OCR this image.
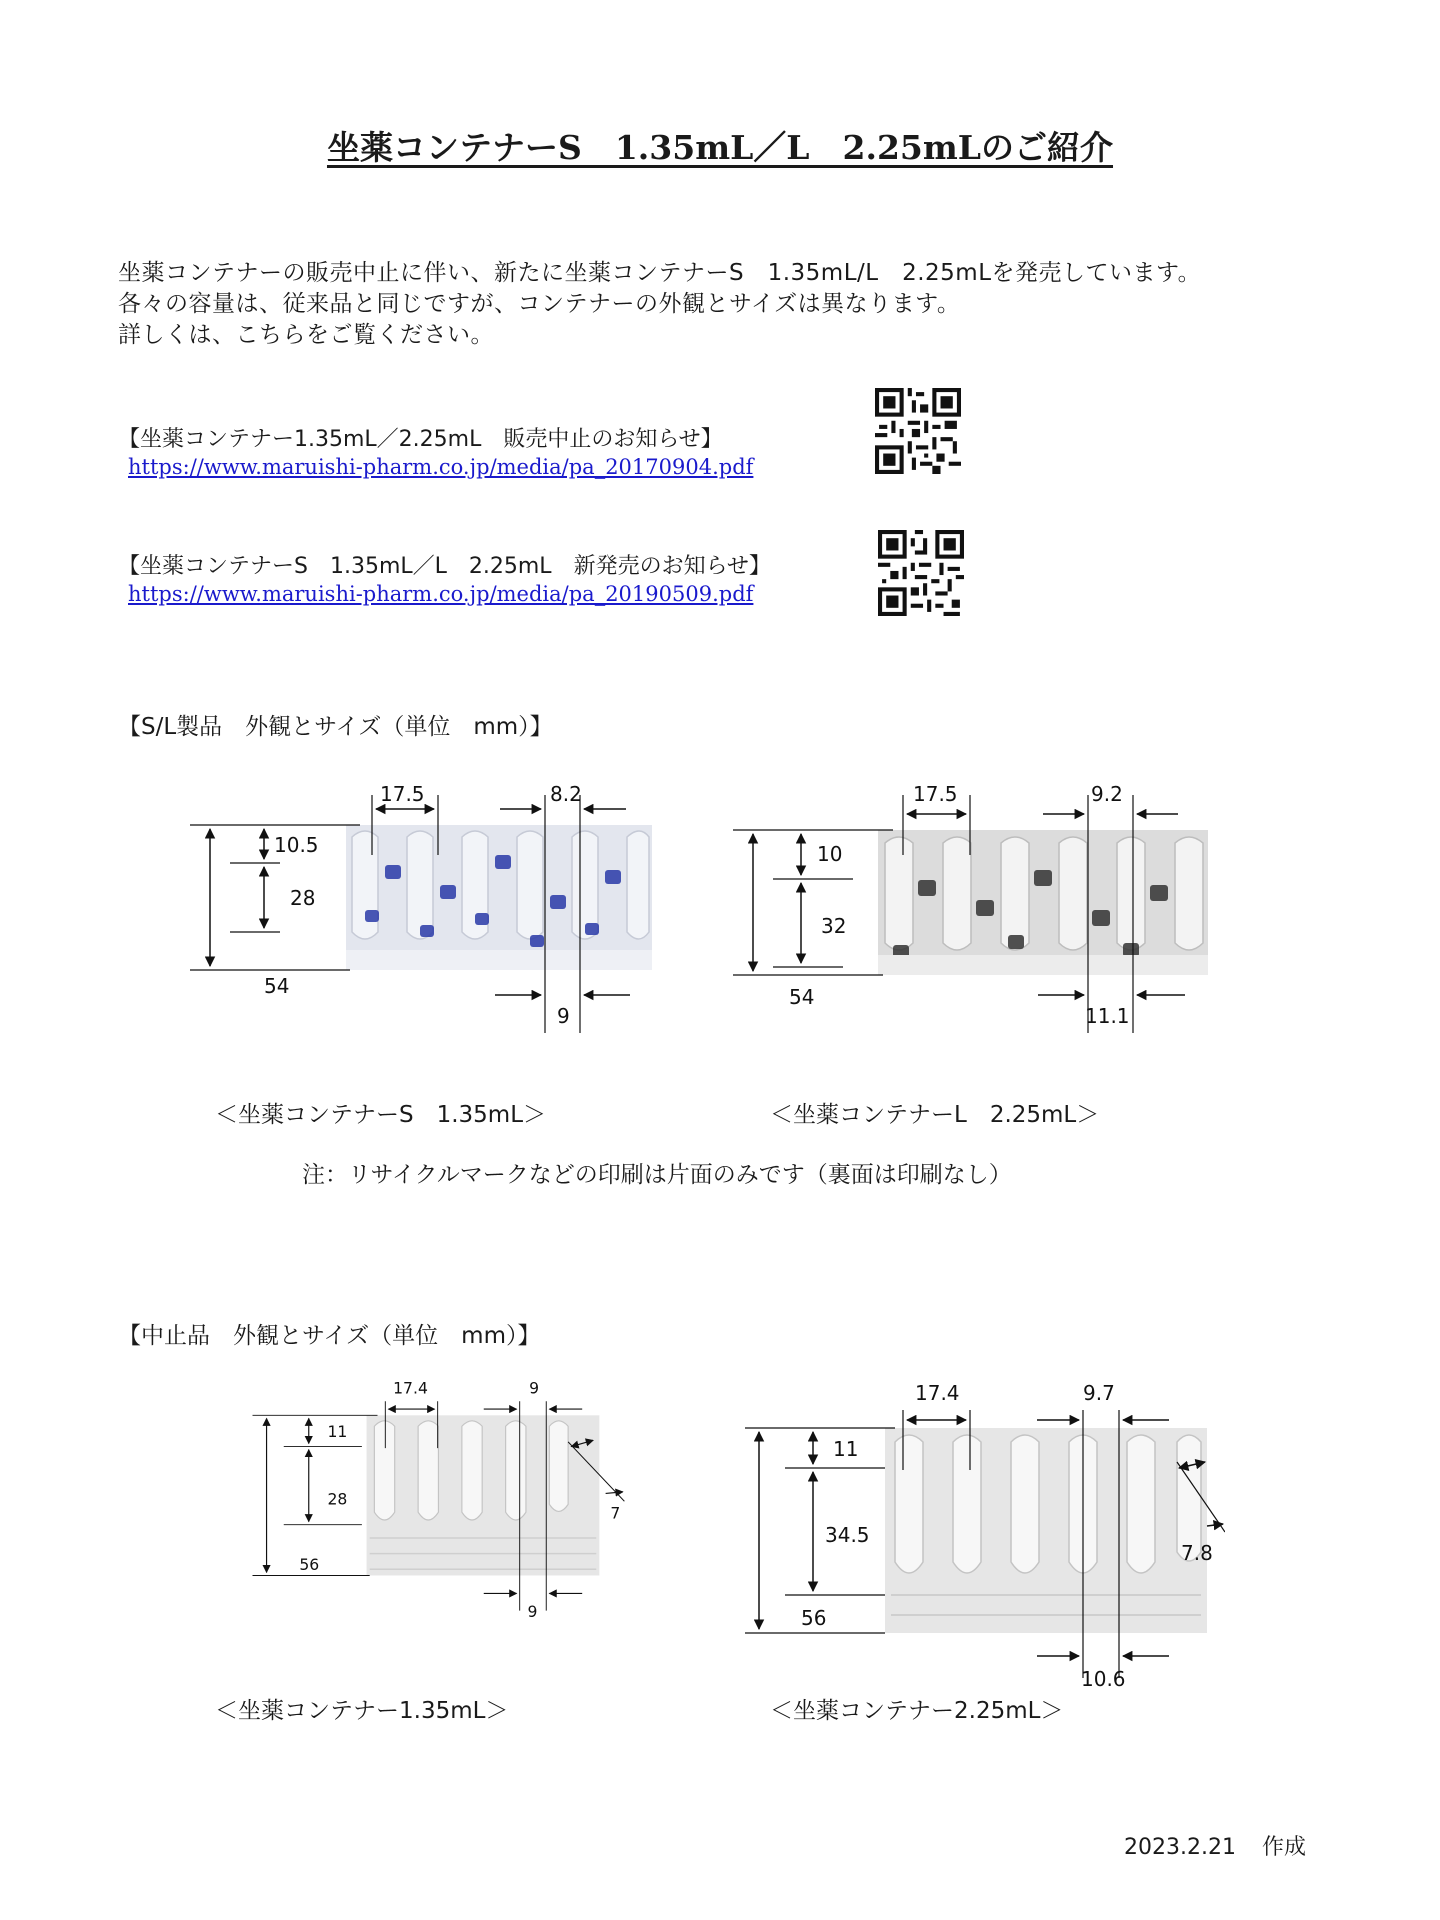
坐薬コンテナーS　1.35mL／L　2.25mLのご紹介
坐薬コンテナーの販売中止に伴い、新たに坐薬コンテナーS　1.35mL/L　2.25mLを発売しています。
各々の容量は、従来品と同じですが、コンテナーの外観とサイズは異なります。
詳しくは、こちらをご覧ください。
【坐薬コンテナー1.35mL／2.25mL　販売中止のお知らせ】
https://www.maruishi-pharm.co.jp/media/pa_20170904.pdf
【坐薬コンテナーS　1.35mL／L　2.25mL　新発売のお知らせ】
https://www.maruishi-pharm.co.jp/media/pa_20190509.pdf
【S/L製品　外観とサイズ（単位　mm）】
17.5	8.2
10.5
28
54
9
＜坐薬コンテナーS　1.35mL＞
17.5	9.2
10
32
54
11.1
＜坐薬コンテナーL　2.25mL＞
注：リサイクルマークなどの印刷は片面のみです（裏面は印刷なし）
【中止品　外観とサイズ（単位　mm）】
17.4	9
11
28
56
9
7
＜坐薬コンテナー1.35mL＞
17.4	9.7
11
34.5
56
10.6
7.8
＜坐薬コンテナー2.25mL＞
2023.2.21 作成
